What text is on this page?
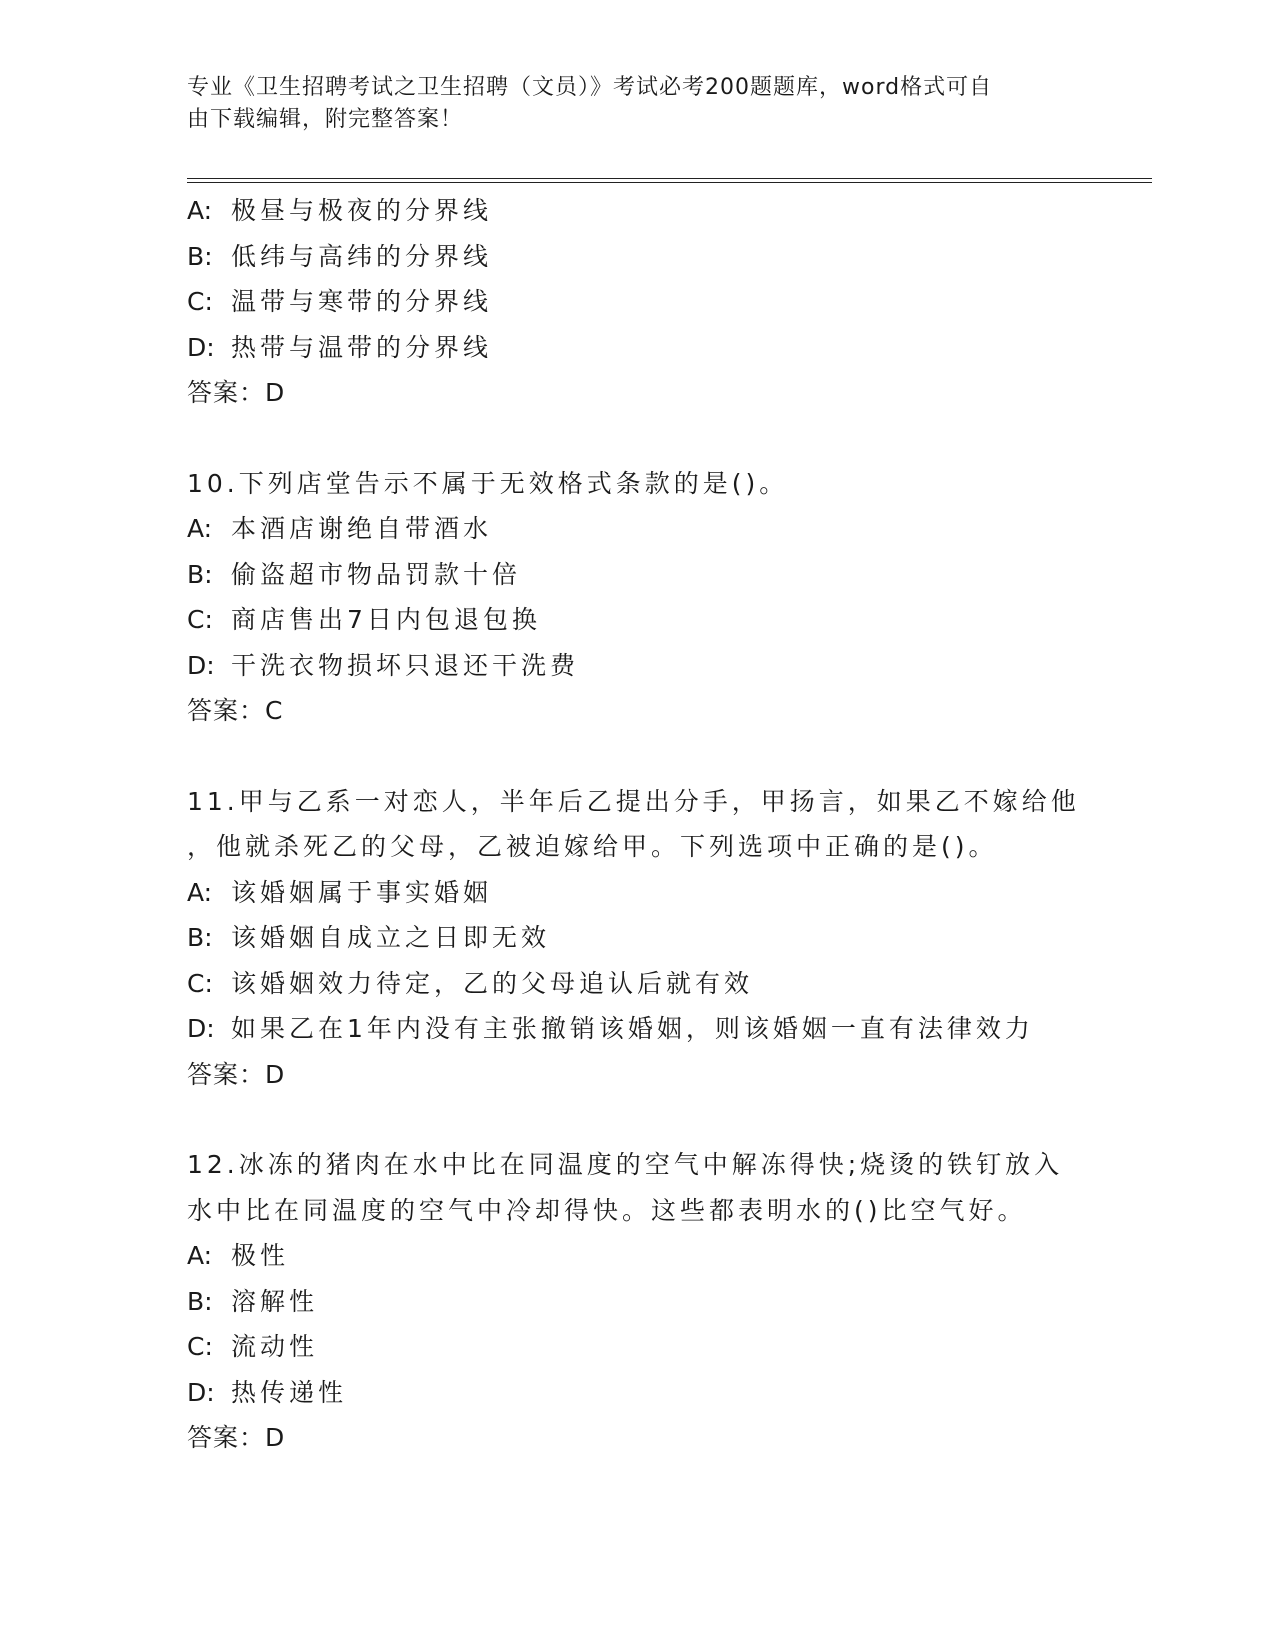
专业《卫生招聘考试之卫生招聘（文员）》考试必考200题题库，word格式可自
由下载编辑，附完整答案！
A: 极昼与极夜的分界线
B: 低纬与高纬的分界线
C: 温带与寒带的分界线
D: 热带与温带的分界线
答案：D
10.下列店堂告示不属于无效格式条款的是()。
A: 本酒店谢绝自带酒水
B: 偷盗超市物品罚款十倍
C: 商店售出7日内包退包换
D: 干洗衣物损坏只退还干洗费
答案：C
11.甲与乙系一对恋人，半年后乙提出分手，甲扬言，如果乙不嫁给他
，他就杀死乙的父母，乙被迫嫁给甲。下列选项中正确的是()。
A: 该婚姻属于事实婚姻
B: 该婚姻自成立之日即无效
C: 该婚姻效力待定，乙的父母追认后就有效
D: 如果乙在1年内没有主张撤销该婚姻，则该婚姻一直有法律效力
答案：D
12.冰冻的猪肉在水中比在同温度的空气中解冻得快;烧烫的铁钉放入
水中比在同温度的空气中冷却得快。这些都表明水的()比空气好。
A: 极性
B: 溶解性
C: 流动性
D: 热传递性
答案：D
